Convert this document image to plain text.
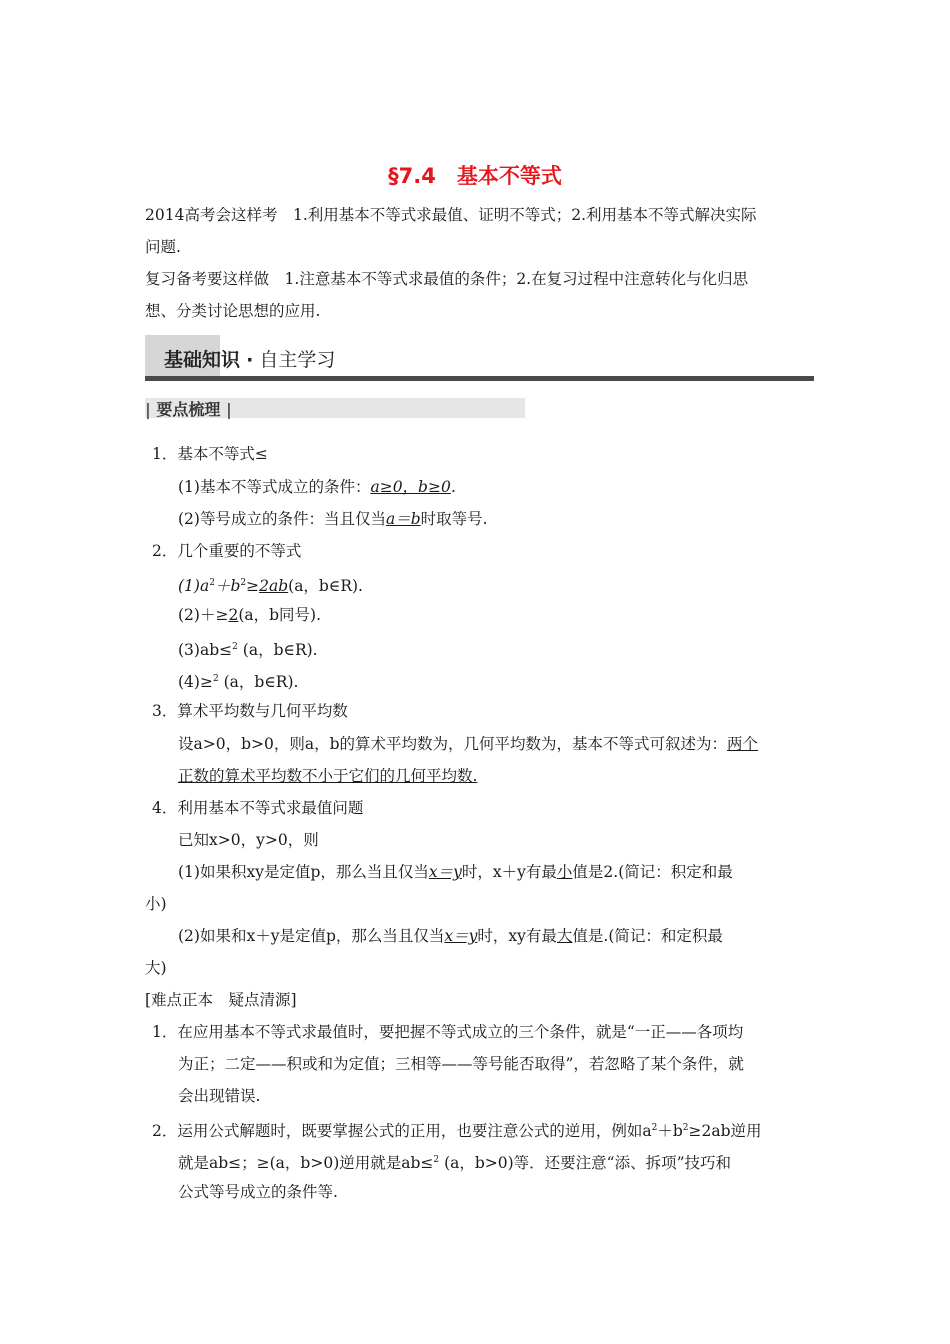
§7.4　基本不等式
2014高考会这样考　 1.利用基本不等式求最值、证明不等式；2.利用基本不等式解决实际
问题.
复习备考要这样做　 1.注意基本不等式求最值的条件；2.在复习过程中注意转化与化归思
想、分类讨论思想的应用.
基础知识 · 自主学习
| 要点梳理 |
1．基本不等式≤
(1)基本不等式成立的条件：a≥0，b≥0.
(2)等号成立的条件：当且仅当a＝b时取等号.
2．几个重要的不等式
$(1)a^2+b^2\ge 2ab(a$，b∈R).
(2)＋≥2(a，b同号).
(3)ab≤$^2$ (a，b∈R).
(4)≥$^2$ (a，b∈R).
3．算术平均数与几何平均数
设a>0，b>0，则a，b的算术平均数为，几何平均数为，基本不等式可叙述为：两个
正数的算术平均数不小于它们的几何平均数.
4．利用基本不等式求最值问题
已知x>0，y>0，则
(1)如果积xy是定值p，那么当且仅当x＝y时，x＋y有最小值是2.(简记：积定和最
小)
(2)如果和x＋y是定值p，那么当且仅当x＝y时，xy有最大值是.(简记：和定积最
大)
[难点正本　疑点清源]
1．在应用基本不等式求最值时，要把握不等式成立的三个条件，就是“一正——各项均
为正；二定——积或和为定值；三相等——等号能否取得”，若忽略了某个条件，就
会出现错误.
2．运用公式解题时，既要掌握公式的正用，也要注意公式的逆用，例如$a^2+b^2\ge 2ab$逆用
就是ab≤；≥(a，b>0)逆用就是ab≤$^2$ (a，b>0)等．还要注意“添、拆项”技巧和
公式等号成立的条件等.
